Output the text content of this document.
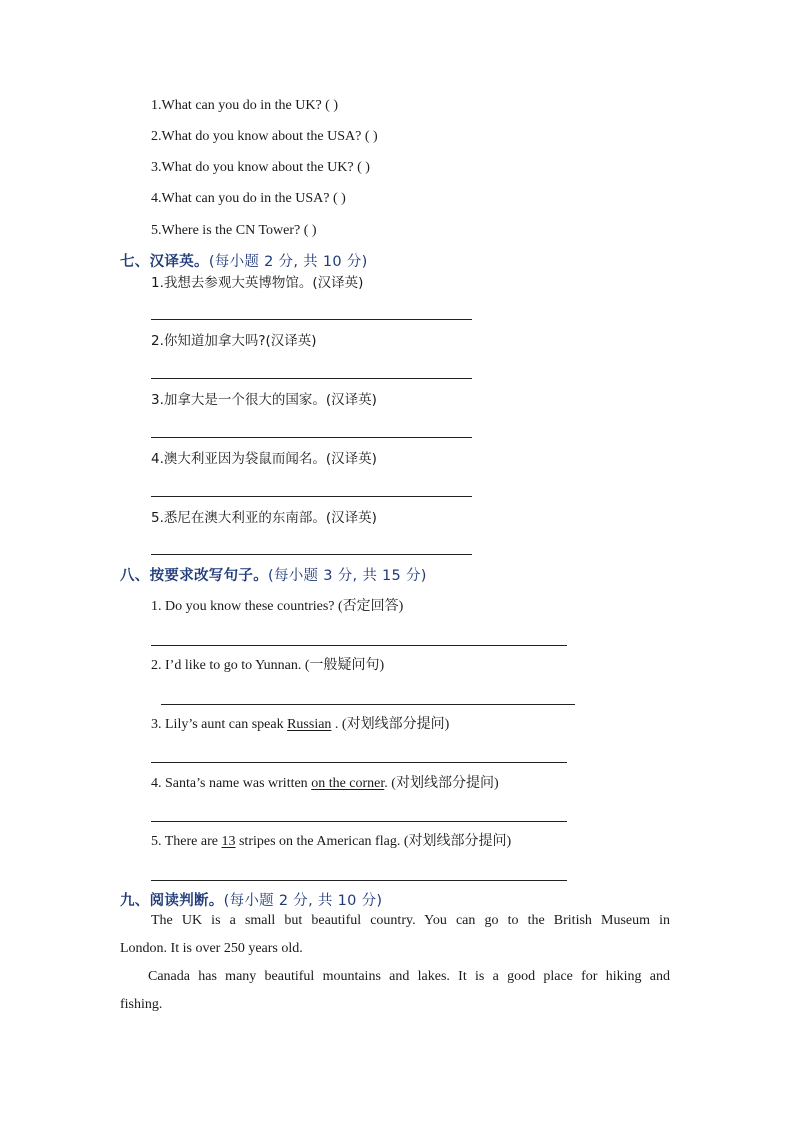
1.What can you do in the UK? ( )
2.What do you know about the USA? ( )
3.What do you know about the UK? ( )
4.What can you do in the USA? ( )
5.Where is the CN Tower? ( )
七、汉译英。(每小题 2 分, 共 10 分)
1.我想去参观大英博物馆。(汉译英)
2.你知道加拿大吗?(汉译英)
3.加拿大是一个很大的国家。(汉译英)
4.澳大利亚因为袋鼠而闻名。(汉译英)
5.悉尼在澳大利亚的东南部。(汉译英)
八、按要求改写句子。(每小题 3 分, 共 15 分)
1. Do you know these countries? (否定回答)
2. I’d like to go to Yunnan. (一般疑问句)
3. Lily’s aunt can speak Russian . (对划线部分提问)
4. Santa’s name was written on the corner. (对划线部分提问)
5. There are 13 stripes on the American flag. (对划线部分提问)
九、阅读判断。(每小题 2 分, 共 10 分)

The UK is a small but beautiful country. You can go to the British Museum in

London. It is over 250 years old.

Canada has many beautiful mountains and lakes. It is a good place for hiking and

fishing.
